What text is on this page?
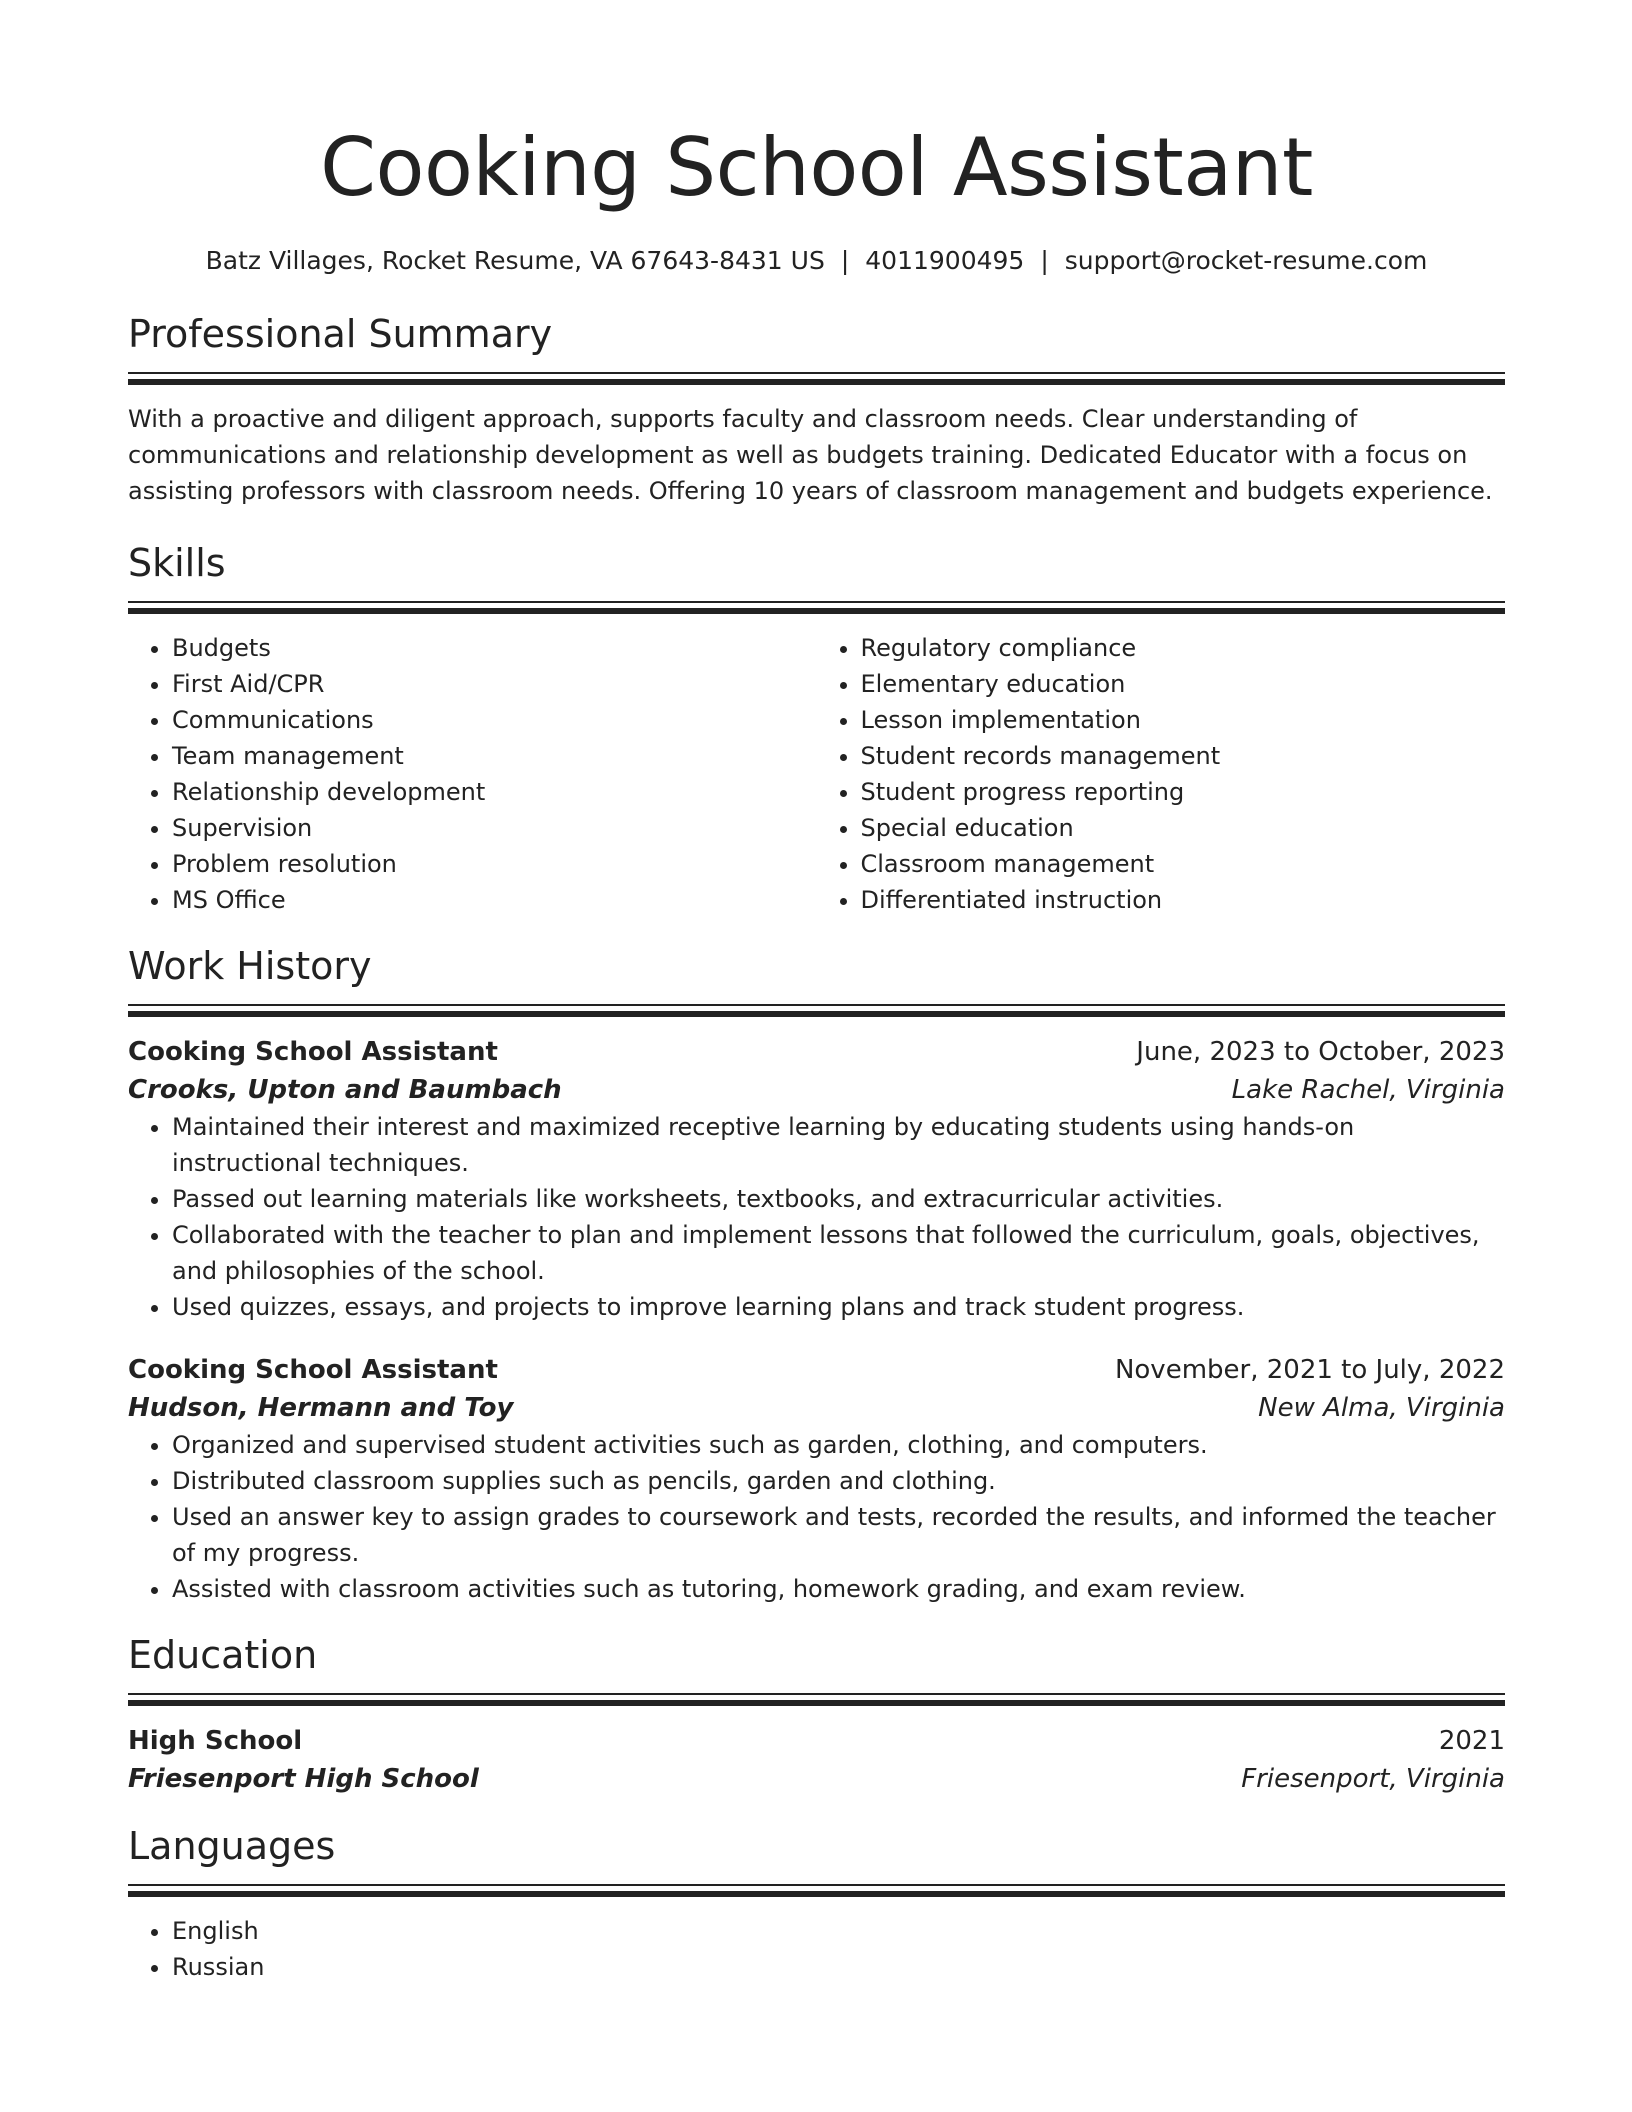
Cooking School Assistant
Batz Villages, Rocket Resume, VA 67643-8431 US | 4011900495 | support@rocket-resume.com
Professional Summary

With a proactive and diligent approach, supports faculty and classroom needs. Clear understanding of communications and relationship development as well as budgets training. Dedicated Educator with a focus on assisting professors with classroom needs. Offering 10 years of classroom management and budgets experience.

Skills
• Budgets
• First Aid/CPR
• Communications
• Team management
• Relationship development
• Supervision
• Problem resolution
• MS Office
• Regulatory compliance
• Elementary education
• Lesson implementation
• Student records management
• Student progress reporting
• Special education
• Classroom management
• Differentiated instruction
Work History
Cooking School Assistant	June, 2023 to October, 2023
Crooks, Upton and Baumbach	Lake Rachel, Virginia
• Maintained their interest and maximized receptive learning by educating students using hands-on instructional techniques.
• Passed out learning materials like worksheets, textbooks, and extracurricular activities.
• Collaborated with the teacher to plan and implement lessons that followed the curriculum, goals, objectives, and philosophies of the school.
• Used quizzes, essays, and projects to improve learning plans and track student progress.
Cooking School Assistant	November, 2021 to July, 2022
Hudson, Hermann and Toy	New Alma, Virginia
• Organized and supervised student activities such as garden, clothing, and computers.
• Distributed classroom supplies such as pencils, garden and clothing.
• Used an answer key to assign grades to coursework and tests, recorded the results, and informed the teacher of my progress.
• Assisted with classroom activities such as tutoring, homework grading, and exam review.
Education
High School	2021
Friesenport High School	Friesenport, Virginia
Languages
• English
• Russian
